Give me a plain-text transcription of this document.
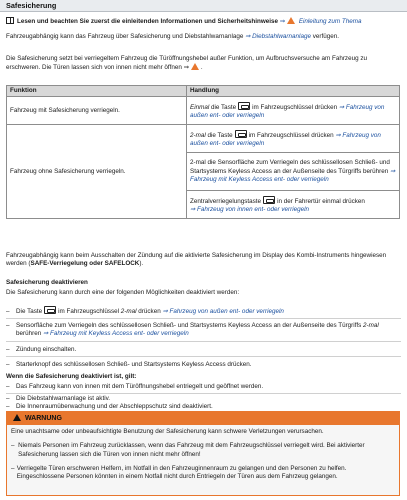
Safesicherung
Lesen und beachten Sie zuerst die einleitenden Informationen und Sicherheitshinweise ⇒ Einleitung zum Thema
Fahrzeugabhängig kann das Fahrzeug über Safesicherung und Diebstahlwarnanlage ⇒ Diebstahlwarnanlage verfügen.
Die Safesicherung setzt bei verriegeltem Fahrzeug die Türöffnungshebel außer Funktion, um Aufbruchsversuche am Fahrzeug zu
erschweren. Die Türen lassen sich von innen nicht mehr öffnen ⇒ .
Funktion	Handlung
Fahrzeug mit Safesicherung verriegeln.	Einmal die Taste im Fahrzeugschlüssel drücken ⇒ Fahrzeug von außen ent- oder verriegeln
Fahrzeug ohne Safesicherung verriegeln.	2-mal die Taste im Fahrzeugschlüssel drücken ⇒ Fahrzeug von außen ent- oder verriegeln
	2-mal die Sensorfläche zum Verriegeln des schlüssellosen Schließ- und Startsystems Keyless Access an der Außenseite des Türgriffs berühren ⇒ Fahrzeug mit Keyless Access ent- oder verriegeln
	Zentralverriegelungstaste in der Fahrertür einmal drücken
⇒ Fahrzeug von innen ent- oder verriegeln
Fahrzeugabhängig kann beim Ausschalten der Zündung auf die aktivierte Safesicherung im Display des Kombi-Instruments hingewiesen werden (SAFE-Verriegelung oder SAFELOCK).
Safesicherung deaktivieren
Die Safesicherung kann durch eine der folgenden Möglichkeiten deaktiviert werden:
– Die Taste	im Fahrzeugschlüssel 2-mal drücken ⇒ Fahrzeug von außen ent- oder verriegeln
– Sensorfläche zum Verriegeln des schlüssellosen Schließ- und Startsystems Keyless Access an der Außenseite des Türgriffs 2-mal
berühren ⇒ Fahrzeug mit Keyless Access ent- oder verriegeln
– Zündung einschalten.
– Starterknopf des schlüssellosen Schließ- und Startsystems Keyless Access drücken.
Wenn die Safesicherung deaktiviert ist, gilt:
– Das Fahrzeug kann von innen mit dem Türöffnungshebel entriegelt und geöffnet werden.
– Die Diebstahlwarnanlage ist aktiv.
– Die Innenraumüberwachung und der Abschleppschutz sind deaktiviert.
WARNUNG
Eine unachtsame oder unbeaufsichtigte Benutzung der Safesicherung kann schwere Verletzungen verursachen.
– Niemals Personen im Fahrzeug zurücklassen, wenn das Fahrzeug mit dem Fahrzeugschlüssel verriegelt wird. Bei aktivierter Safesicherung lassen sich die Türen von innen nicht mehr öffnen!
– Verriegelte Türen erschweren Helfern, im Notfall in den Fahrzeuginnenraum zu gelangen und den Personen zu helfen. Eingeschlossene Personen könnten in einem Notfall nicht durch Entriegeln der Türen aus dem Fahrzeug gelangen.
